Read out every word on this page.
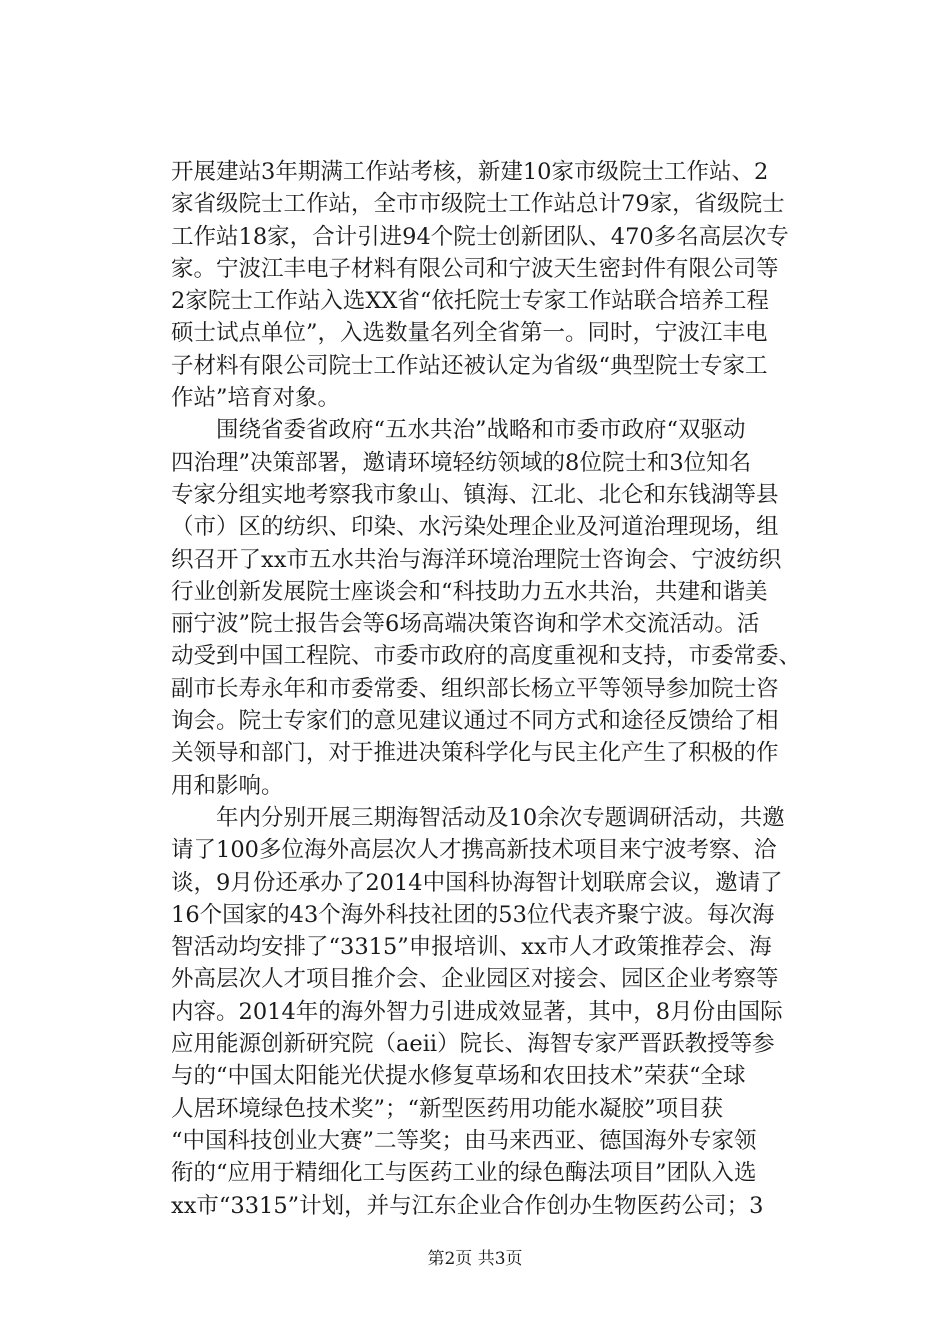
开展建站3年期满工作站考核，新建10家市级院士工作站、2
家省级院士工作站，全市市级院士工作站总计79家，省级院士
工作站18家，合计引进94个院士创新团队、470多名高层次专
家。宁波江丰电子材料有限公司和宁波天生密封件有限公司等
2家院士工作站入选XX省“依托院士专家工作站联合培养工程
硕士试点单位”，入选数量名列全省第一。同时，宁波江丰电
子材料有限公司院士工作站还被认定为省级“典型院士专家工
作站”培育对象。
　　围绕省委省政府“五水共治”战略和市委市政府“双驱动
四治理”决策部署，邀请环境轻纺领域的8位院士和3位知名
专家分组实地考察我市象山、镇海、江北、北仑和东钱湖等县
（市）区的纺织、印染、水污染处理企业及河道治理现场，组
织召开了xx市五水共治与海洋环境治理院士咨询会、宁波纺织
行业创新发展院士座谈会和“科技助力五水共治，共建和谐美
丽宁波”院士报告会等6场高端决策咨询和学术交流活动。活
动受到中国工程院、市委市政府的高度重视和支持，市委常委、
副市长寿永年和市委常委、组织部长杨立平等领导参加院士咨
询会。院士专家们的意见建议通过不同方式和途径反馈给了相
关领导和部门，对于推进决策科学化与民主化产生了积极的作
用和影响。
　　年内分别开展三期海智活动及10余次专题调研活动，共邀
请了100多位海外高层次人才携高新技术项目来宁波考察、洽
谈，9月份还承办了2014中国科协海智计划联席会议，邀请了
16个国家的43个海外科技社团的53位代表齐聚宁波。每次海
智活动均安排了“3315”申报培训、xx市人才政策推荐会、海
外高层次人才项目推介会、企业园区对接会、园区企业考察等
内容。2014年的海外智力引进成效显著，其中，8月份由国际
应用能源创新研究院（aeii）院长、海智专家严晋跃教授等参
与的“中国太阳能光伏提水修复草场和农田技术”荣获“全球
人居环境绿色技术奖”；“新型医药用功能水凝胶”项目获
“中国科技创业大赛”二等奖；由马来西亚、德国海外专家领
衔的“应用于精细化工与医药工业的绿色酶法项目”团队入选
xx市“3315”计划，并与江东企业合作创办生物医药公司；3
第2页 共3页
